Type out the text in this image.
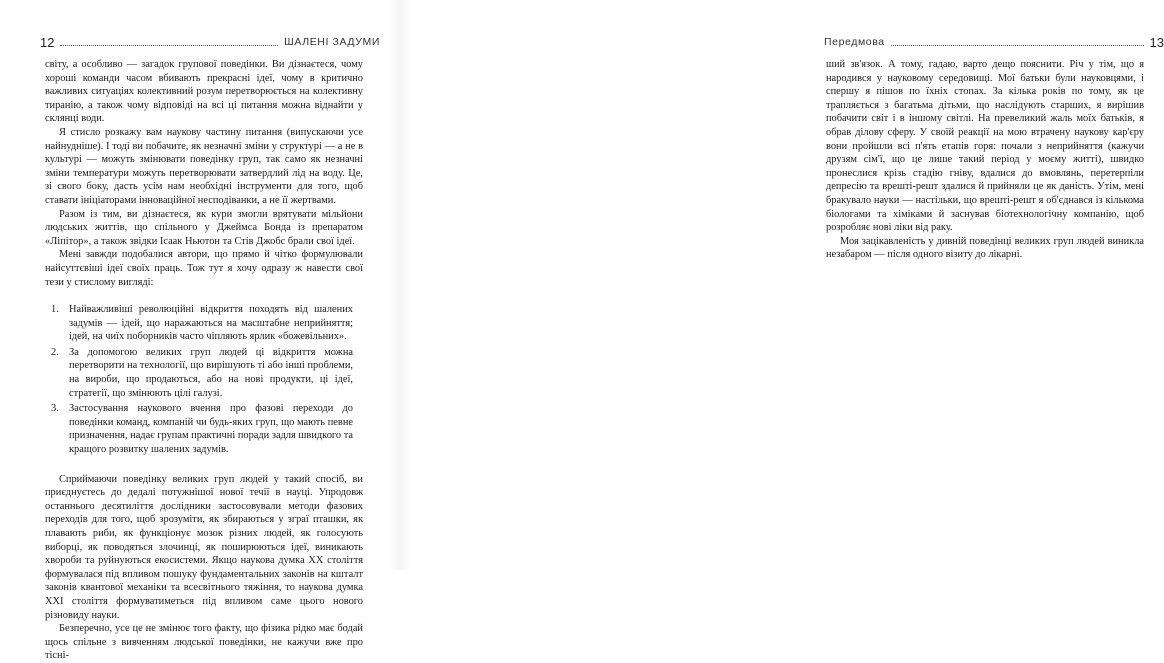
12	ШАЛЕНІ ЗАДУМИ

світу, а особливо — загадок групової поведінки. Ви дізнаєтеся, чому хороші команди часом вбивають прекрасні ідеї, чому в критично важливих ситуаціях колективний розум перетворюється на колективну тиранію, а також чому відповіді на всі ці питання можна віднайти у склянці води.

Я стисло розкажу вам наукову частину питання (випускаючи усе найнудніше). І тоді ви побачите, як незначні зміни у структурі — а не в культурі — можуть змінювати поведінку груп, так само як незначні зміни температури можуть перетворювати затвердлий лід на воду. Це, зі свого боку, дасть усім нам необхідні інструменти для того, щоб ставати ініціаторами інноваційної несподіванки, а не її жертвами.

Разом із тим, ви дізнаєтеся, як кури змогли врятувати мільйони людських життів, що спільного у Джеймса Бонда із препаратом «Ліпітор», а також звідки Ісаак Ньютон та Стів Джобс брали свої ідеї.

Мені завжди подобалися автори, що прямо й чітко формулювали найсуттєвіші ідеї своїх праць. Тож тут я хочу одразу ж навести свої тези у стислому вигляді:

1. Найважливіші революційні відкриття походять від шалених задумів — ідей, що наражаються на масштабне неприйняття; ідей, на чиїх поборників часто чіпляють ярлик «божевільних».
2. За допомогою великих груп людей ці відкриття можна перетворити на технології, що вирішують ті або інші проблеми, на вироби, що продаються, або на нові продукти, ці ідеї, стратегії, що змінюють цілі галузі.
3. Застосування наукового вчення про фазові переходи до поведінки команд, компаній чи будь-яких груп, що мають певне призначення, надає групам практичні поради задля швидкого та кращого розвитку шалених задумів.

Сприймаючи поведінку великих груп людей у такий спосіб, ви приєднуєтесь до дедалі потужнішої нової течії в науці. Упродовж останнього десятиліття дослідники застосовували методи фазових переходів для того, щоб зрозуміти, як збираються у зграї пташки, як плавають риби, як функціонує мозок різних людей, як голосують виборці, як поводяться злочинці, як поширюються ідеї, виникають хвороби та руйнуються екосистеми. Якщо наукова думка XX століття формувалася під впливом пошуку фундаментальних законів на кшталт законів квантової механіки та всесвітнього тяжіння, то наукова думка XXI століття формуватиметься під впливом саме цього нового різновиду науки.

Безперечно, усе це не змінює того факту, що фізика рідко має бодай щось спільне з вивченням людської поведінки, не кажучи вже про тісні-

Передмова	13

ший зв'язок. А тому, гадаю, варто дещо пояснити. Річ у тім, що я народився у науковому середовищі. Мої батьки були науковцями, і спершу я пішов по їхніх стопах. За кілька років по тому, як це трапляється з багатьма дітьми, що наслідують старших, я вирішив побачити світ і в іншому світлі. На превеликий жаль моїх батьків, я обрав ділову сферу. У своїй реакції на мою втрачену наукову кар'єру вони пройшли всі п'ять етапів горя: почали з неприйняття (кажучи друзям сім'ї, що це лише такий період у моєму житті), швидко пронеслися крізь стадію гніву, вдалися до вмовлянь, перетерпіли депресію та врешті-решт здалися й прийняли це як даність. Утім, мені бракувало науки — настільки, що врешті-решт я об'єднався із кількома біологами та хіміками й заснував біотехнологічну компанію, щоб розробляє нові ліки від раку.

Моя зацікавленість у дивній поведінці великих груп людей виникла незабаром — після одного візиту до лікарні.
